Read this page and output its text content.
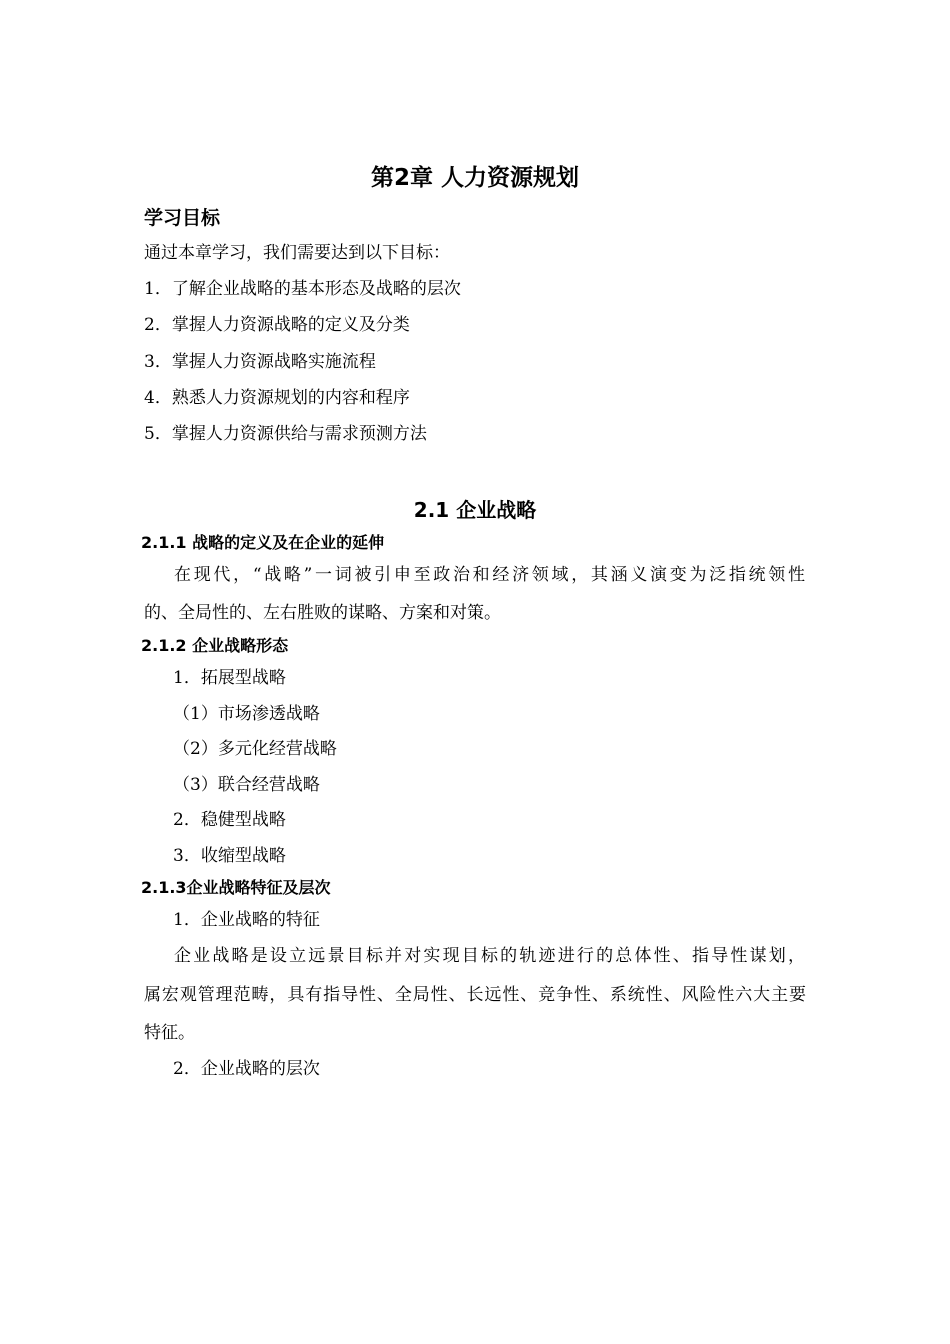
第2章 人力资源规划
学习目标
通过本章学习，我们需要达到以下目标：
1．了解企业战略的基本形态及战略的层次
2．掌握人力资源战略的定义及分类
3．掌握人力资源战略实施流程
4．熟悉人力资源规划的内容和程序
5．掌握人力资源供给与需求预测方法
2.1 企业战略
2.1.1 战略的定义及在企业的延伸
在现代，“战略”一词被引申至政治和经济领域，其涵义演变为泛指统领性
的、全局性的、左右胜败的谋略、方案和对策。
2.1.2 企业战略形态
1．拓展型战略
（1）市场渗透战略
（2）多元化经营战略
（3）联合经营战略
2．稳健型战略
3．收缩型战略
2.1.3企业战略特征及层次
1．企业战略的特征
企业战略是设立远景目标并对实现目标的轨迹进行的总体性、指导性谋划，
属宏观管理范畴，具有指导性、全局性、长远性、竞争性、系统性、风险性六大主要
特征。
2．企业战略的层次
